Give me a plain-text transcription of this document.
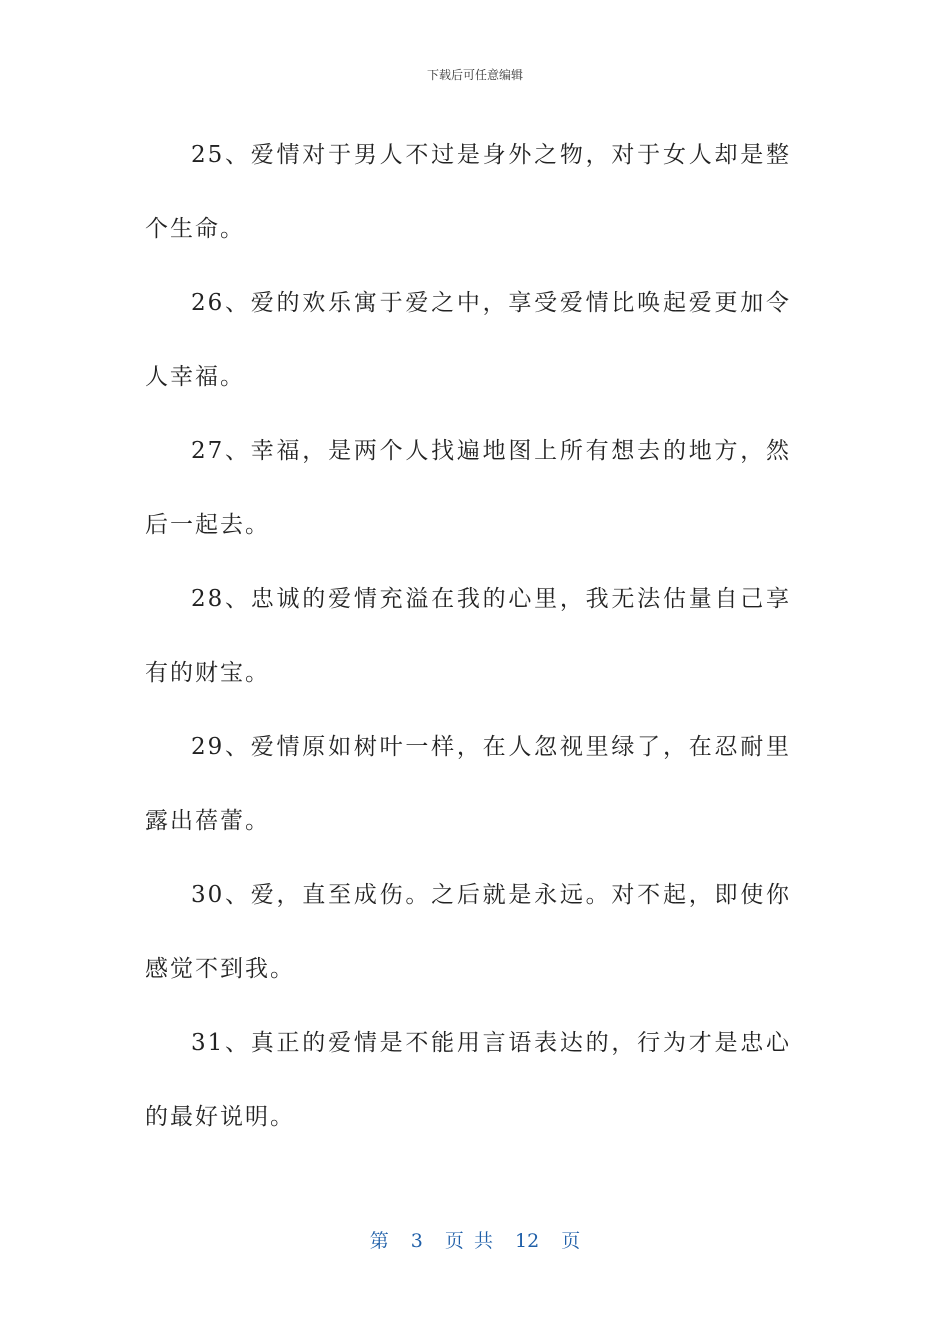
下载后可任意编辑

25、爱情对于男人不过是身外之物，对于女人却是整个生命。

26、爱的欢乐寓于爱之中，享受爱情比唤起爱更加令人幸福。

27、幸福，是两个人找遍地图上所有想去的地方，然后一起去。

28、忠诚的爱情充溢在我的心里，我无法估量自己享有的财宝。

29、爱情原如树叶一样，在人忽视里绿了，在忍耐里露出蓓蕾。

30、爱，直至成伤。之后就是永远。对不起，即使你感觉不到我。

31、真正的爱情是不能用言语表达的，行为才是忠心的最好说明。

第 3 页 共 12 页
